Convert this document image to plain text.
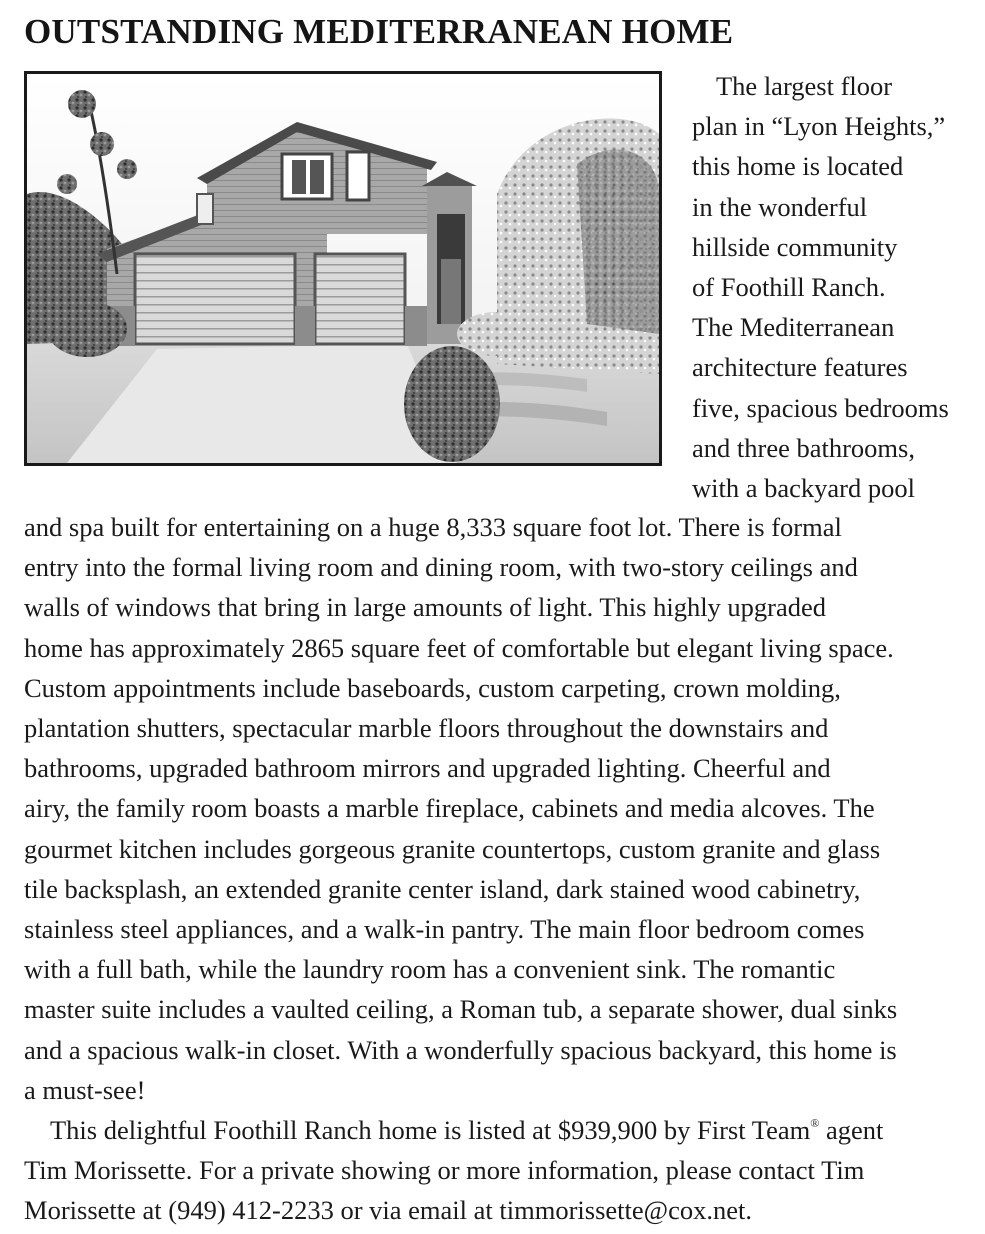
OUTSTANDING MEDITERRANEAN HOME
The largest floor
plan in “Lyon Heights,”
this home is located
in the wonderful
hillside community
of Foothill Ranch.
The Mediterranean
architecture features
five, spacious bedrooms
and three bathrooms,
with a backyard pool
and spa built for entertaining on a huge 8,333 square foot lot. There is formal
entry into the formal living room and dining room, with two-story ceilings and
walls of windows that bring in large amounts of light. This highly upgraded
home has approximately 2865 square feet of comfortable but elegant living space.
Custom appointments include baseboards, custom carpeting, crown molding,
plantation shutters, spectacular marble floors throughout the downstairs and
bathrooms, upgraded bathroom mirrors and upgraded lighting. Cheerful and
airy, the family room boasts a marble fireplace, cabinets and media alcoves. The
gourmet kitchen includes gorgeous granite countertops, custom granite and glass
tile backsplash, an extended granite center island, dark stained wood cabinetry,
stainless steel appliances, and a walk-in pantry. The main floor bedroom comes
with a full bath, while the laundry room has a convenient sink. The romantic
master suite includes a vaulted ceiling, a Roman tub, a separate shower, dual sinks
and a spacious walk-in closet. With a wonderfully spacious backyard, this home is
a must-see!
This delightful Foothill Ranch home is listed at $939,900 by First Team® agent
Tim Morissette. For a private showing or more information, please contact Tim
Morissette at (949) 412-2233 or via email at timmorissette@cox.net.
